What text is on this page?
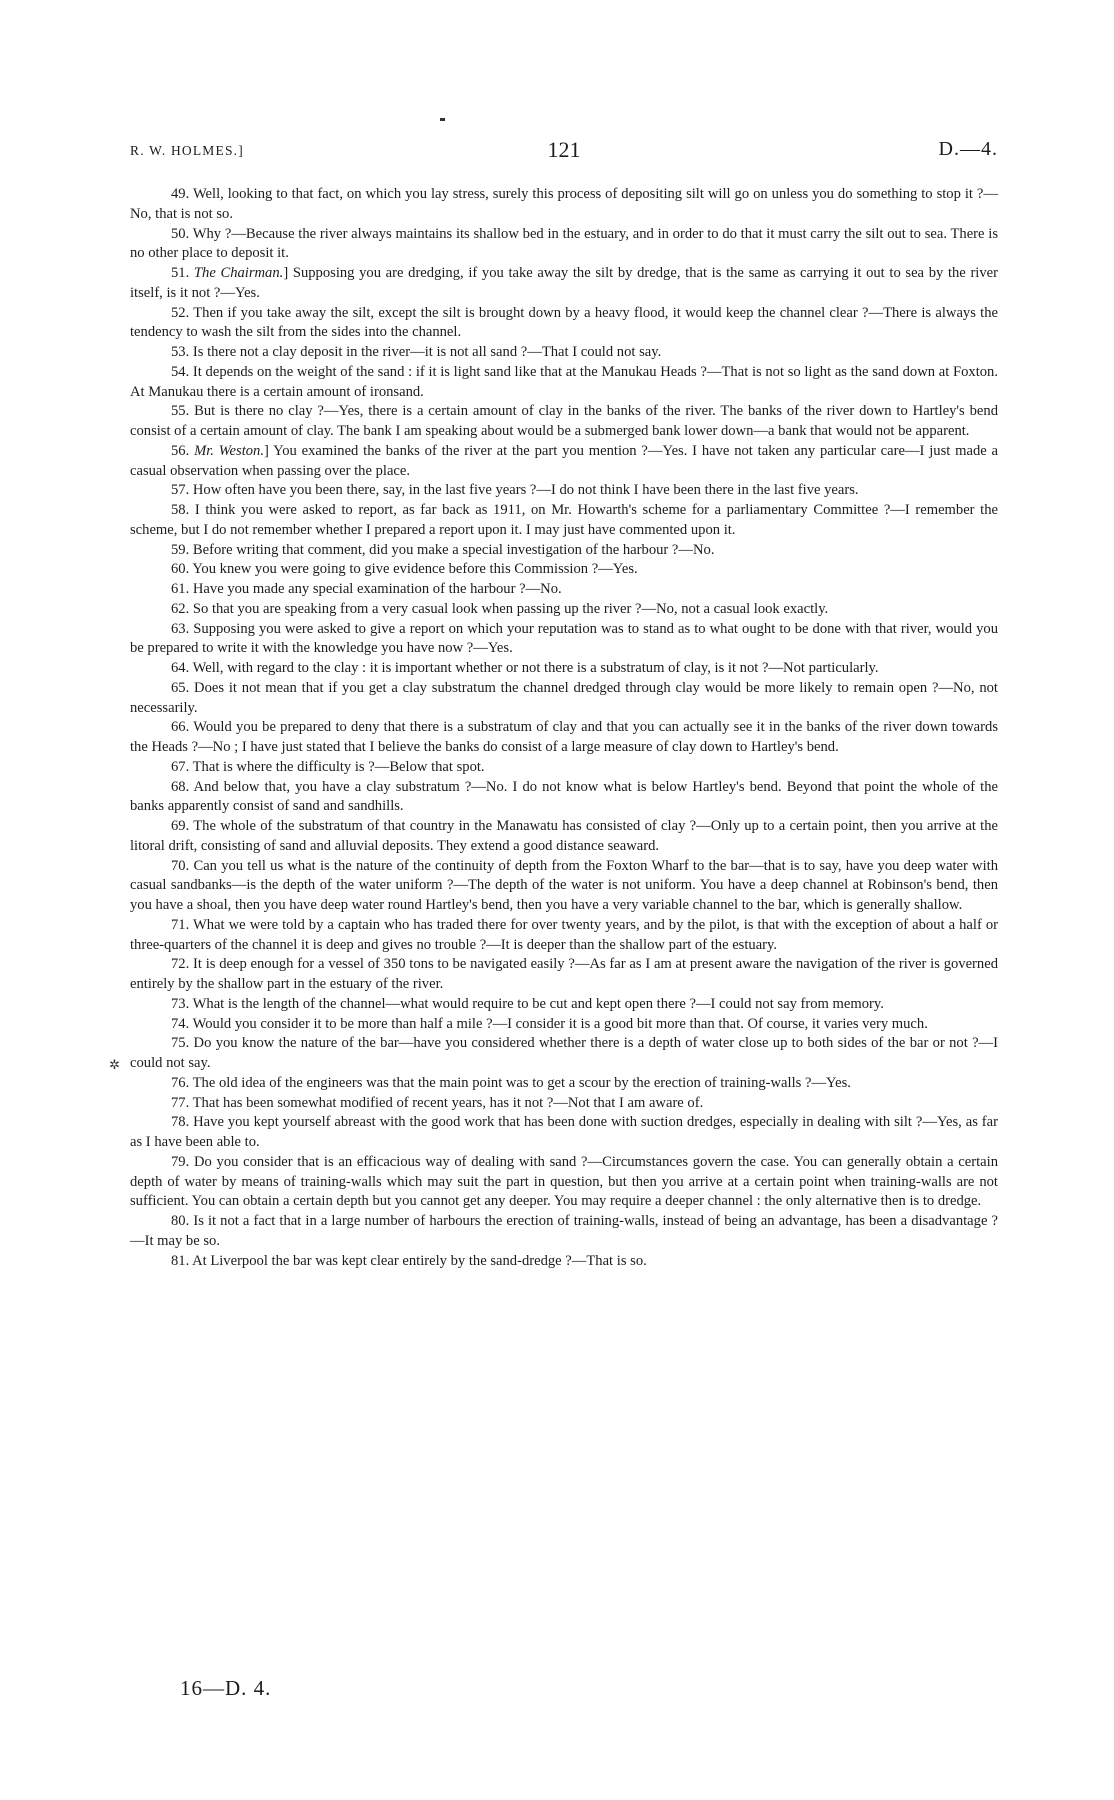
R. W. HOLMES.]	121	D.—4.

49. Well, looking to that fact, on which you lay stress, surely this process of depositing silt will go on unless you do something to stop it ?—No, that is not so.

50. Why ?—Because the river always maintains its shallow bed in the estuary, and in order to do that it must carry the silt out to sea. There is no other place to deposit it.

51. The Chairman.] Supposing you are dredging, if you take away the silt by dredge, that is the same as carrying it out to sea by the river itself, is it not ?—Yes.

52. Then if you take away the silt, except the silt is brought down by a heavy flood, it would keep the channel clear ?—There is always the tendency to wash the silt from the sides into the channel.

53. Is there not a clay deposit in the river—it is not all sand ?—That I could not say.

54. It depends on the weight of the sand : if it is light sand like that at the Manukau Heads ?—That is not so light as the sand down at Foxton. At Manukau there is a certain amount of ironsand.

55. But is there no clay ?—Yes, there is a certain amount of clay in the banks of the river. The banks of the river down to Hartley's bend consist of a certain amount of clay. The bank I am speaking about would be a submerged bank lower down—a bank that would not be apparent.

56. Mr. Weston.] You examined the banks of the river at the part you mention ?—Yes. I have not taken any particular care—I just made a casual observation when passing over the place.

57. How often have you been there, say, in the last five years ?—I do not think I have been there in the last five years.

58. I think you were asked to report, as far back as 1911, on Mr. Howarth's scheme for a parliamentary Committee ?—I remember the scheme, but I do not remember whether I prepared a report upon it. I may just have commented upon it.

59. Before writing that comment, did you make a special investigation of the harbour ?—No.

60. You knew you were going to give evidence before this Commission ?—Yes.

61. Have you made any special examination of the harbour ?—No.

62. So that you are speaking from a very casual look when passing up the river ?—No, not a casual look exactly.

63. Supposing you were asked to give a report on which your reputation was to stand as to what ought to be done with that river, would you be prepared to write it with the knowledge you have now ?—Yes.

64. Well, with regard to the clay : it is important whether or not there is a substratum of clay, is it not ?—Not particularly.

65. Does it not mean that if you get a clay substratum the channel dredged through clay would be more likely to remain open ?—No, not necessarily.

66. Would you be prepared to deny that there is a substratum of clay and that you can actually see it in the banks of the river down towards the Heads ?—No ; I have just stated that I believe the banks do consist of a large measure of clay down to Hartley's bend.

67. That is where the difficulty is ?—Below that spot.

68. And below that, you have a clay substratum ?—No. I do not know what is below Hartley's bend. Beyond that point the whole of the banks apparently consist of sand and sandhills.

69. The whole of the substratum of that country in the Manawatu has consisted of clay ?—Only up to a certain point, then you arrive at the litoral drift, consisting of sand and alluvial deposits. They extend a good distance seaward.

70. Can you tell us what is the nature of the continuity of depth from the Foxton Wharf to the bar—that is to say, have you deep water with casual sandbanks—is the depth of the water uniform ?—The depth of the water is not uniform. You have a deep channel at Robinson's bend, then you have a shoal, then you have deep water round Hartley's bend, then you have a very variable channel to the bar, which is generally shallow.

71. What we were told by a captain who has traded there for over twenty years, and by the pilot, is that with the exception of about a half or three-quarters of the channel it is deep and gives no trouble ?—It is deeper than the shallow part of the estuary.

72. It is deep enough for a vessel of 350 tons to be navigated easily ?—As far as I am at present aware the navigation of the river is governed entirely by the shallow part in the estuary of the river.

73. What is the length of the channel—what would require to be cut and kept open there ?—I could not say from memory.

74. Would you consider it to be more than half a mile ?—I consider it is a good bit more than that. Of course, it varies very much.

75. Do you know the nature of the bar—have you considered whether there is a depth of water close up to both sides of the bar or not ?—I could not say.

76. The old idea of the engineers was that the main point was to get a scour by the erection of training-walls ?—Yes.

77. That has been somewhat modified of recent years, has it not ?—Not that I am aware of.

78. Have you kept yourself abreast with the good work that has been done with suction dredges, especially in dealing with silt ?—Yes, as far as I have been able to.

79. Do you consider that is an efficacious way of dealing with sand ?—Circumstances govern the case. You can generally obtain a certain depth of water by means of training-walls which may suit the part in question, but then you arrive at a certain point when training-walls are not sufficient. You can obtain a certain depth but you cannot get any deeper. You may require a deeper channel : the only alternative then is to dredge.

80. Is it not a fact that in a large number of harbours the erection of training-walls, instead of being an advantage, has been a disadvantage ?—It may be so.

81. At Liverpool the bar was kept clear entirely by the sand-dredge ?—That is so.

✲
16—D. 4.
